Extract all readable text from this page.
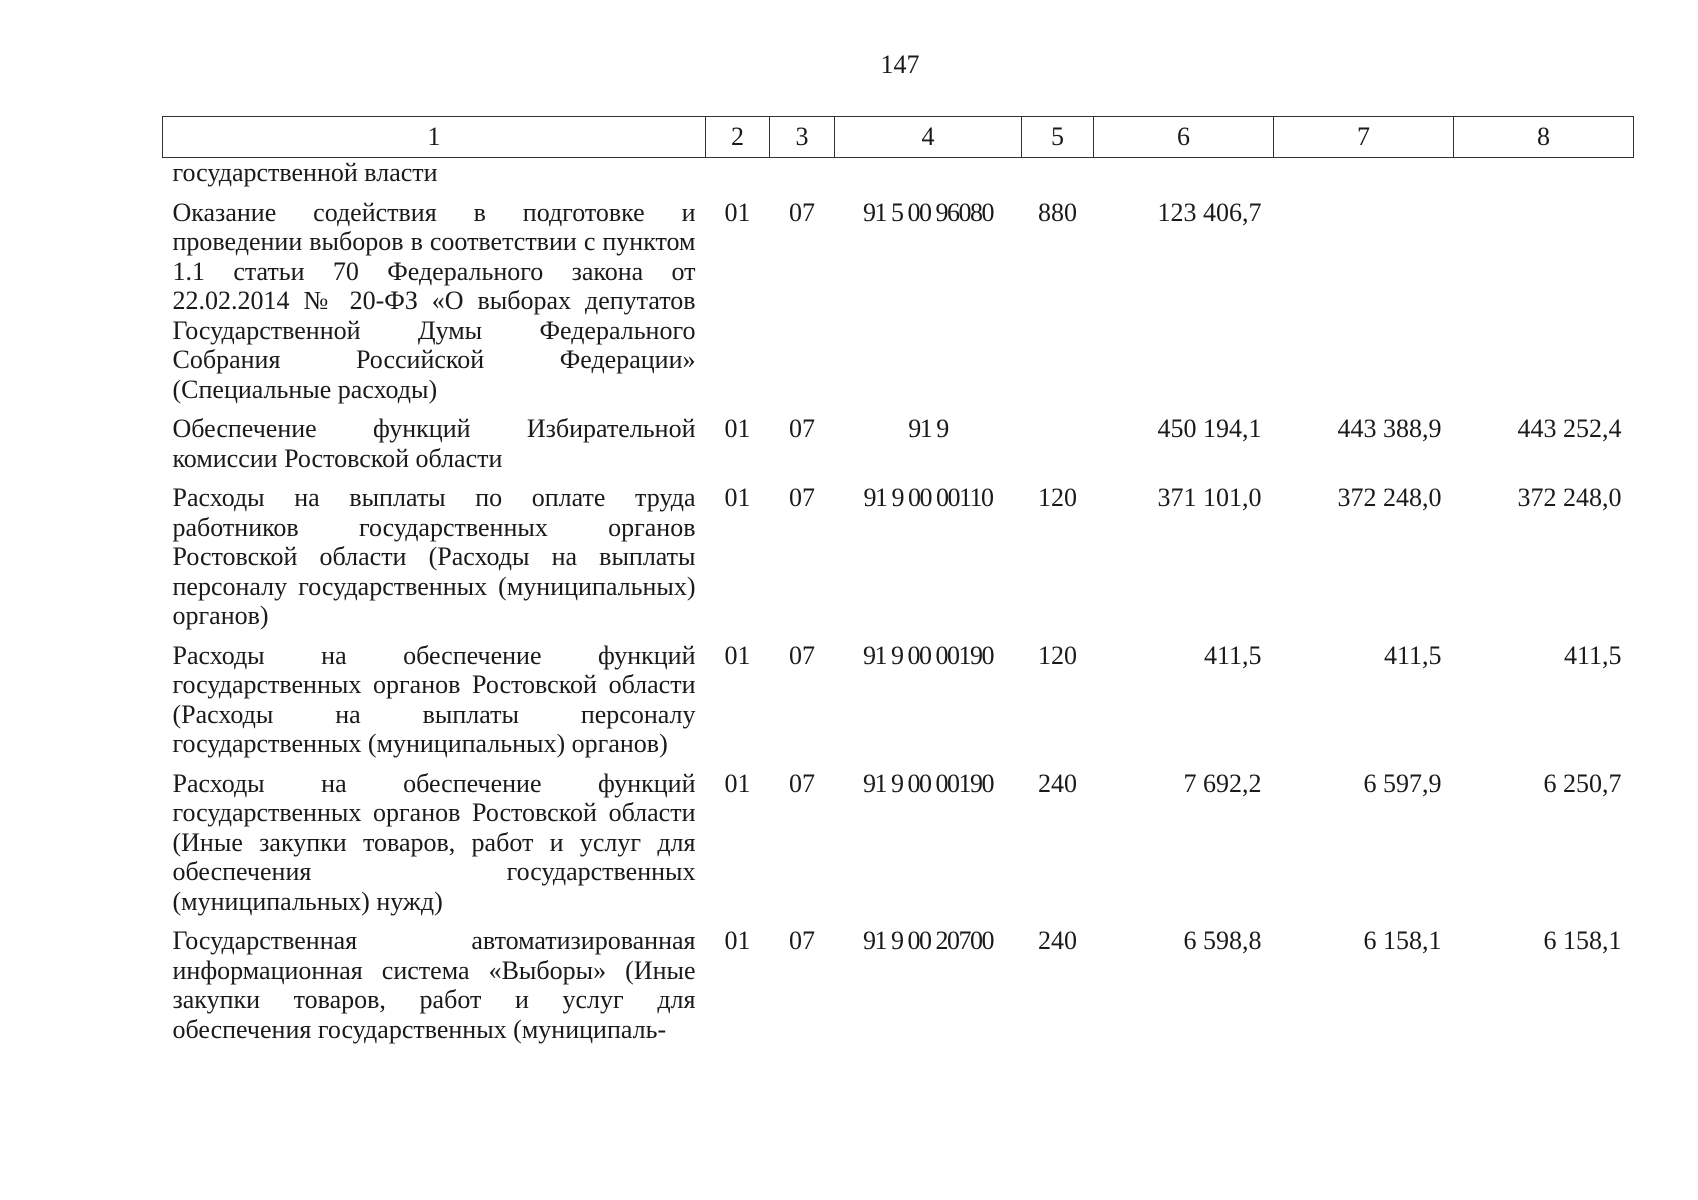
147
1	2	3	4	5	6	7	8
государственной власти							
Оказание содействия в подготовке и проведении выборов в соответствии с пунктом 1.1 статьи 70 Федерального закона от 22.02.2014 № 20-ФЗ «О выборах депутатов Государственной Думы Федерального Собрания Российской Федерации» (Специальные расходы)	01	07	91 5 00 96080	880	123 406,7		
Обеспечение функций Избирательной комиссии Ростовской области	01	07	91 9		450 194,1	443 388,9	443 252,4
Расходы на выплаты по оплате труда работников государственных органов Ростовской области (Расходы на выплаты персоналу государственных (муниципальных) органов)	01	07	91 9 00 00110	120	371 101,0	372 248,0	372 248,0
Расходы на обеспечение функций государственных органов Ростовской области (Расходы на выплаты персоналу государственных (муниципальных) органов)	01	07	91 9 00 00190	120	411,5	411,5	411,5
Расходы на обеспечение функций государственных органов Ростовской области (Иные закупки товаров, работ и услуг для обеспечения государственных (муниципальных) нужд)	01	07	91 9 00 00190	240	7 692,2	6 597,9	6 250,7
Государственная автоматизированная информационная система «Выборы» (Иные закупки товаров, работ и услуг для обеспечения государственных (муниципаль-	01	07	91 9 00 20700	240	6 598,8	6 158,1	6 158,1
